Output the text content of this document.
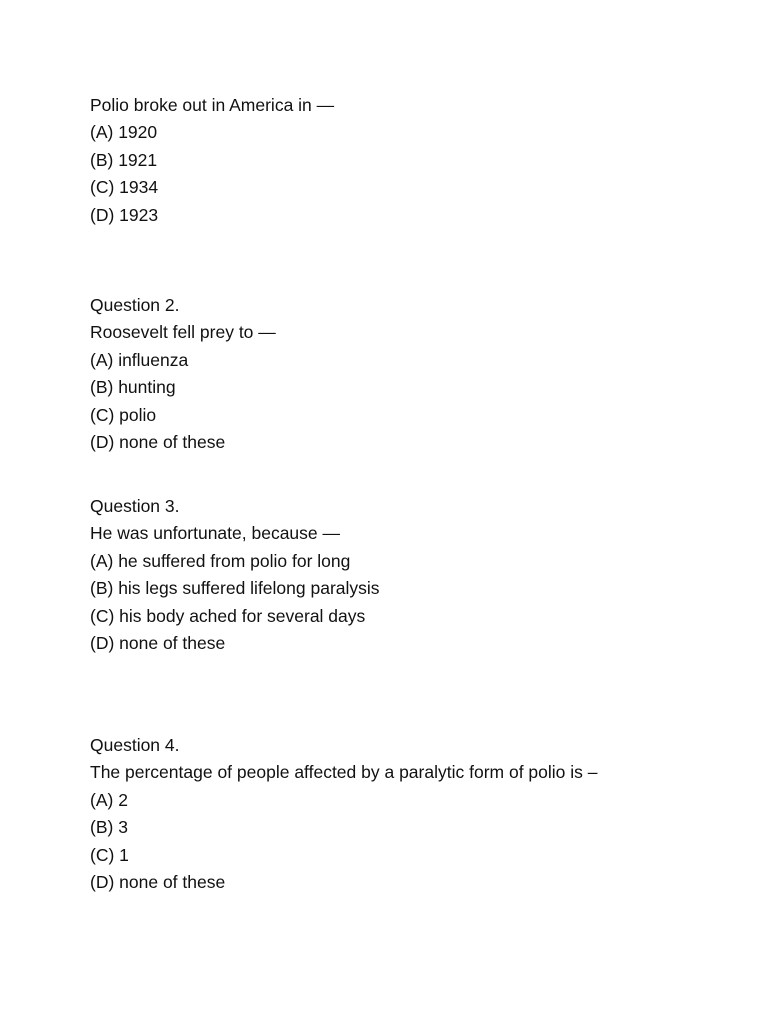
Polio broke out in America in —

(A) 1920

(B) 1921

(C) 1934

(D) 1923

Question 2.

Roosevelt fell prey to —

(A) influenza

(B) hunting

(C) polio

(D) none of these

Question 3.

He was unfortunate, because —

(A) he suffered from polio for long

(B) his legs suffered lifelong paralysis

(C) his body ached for several days

(D) none of these

Question 4.

The percentage of people affected by a paralytic form of polio is –

(A) 2

(B) 3

(C) 1

(D) none of these
